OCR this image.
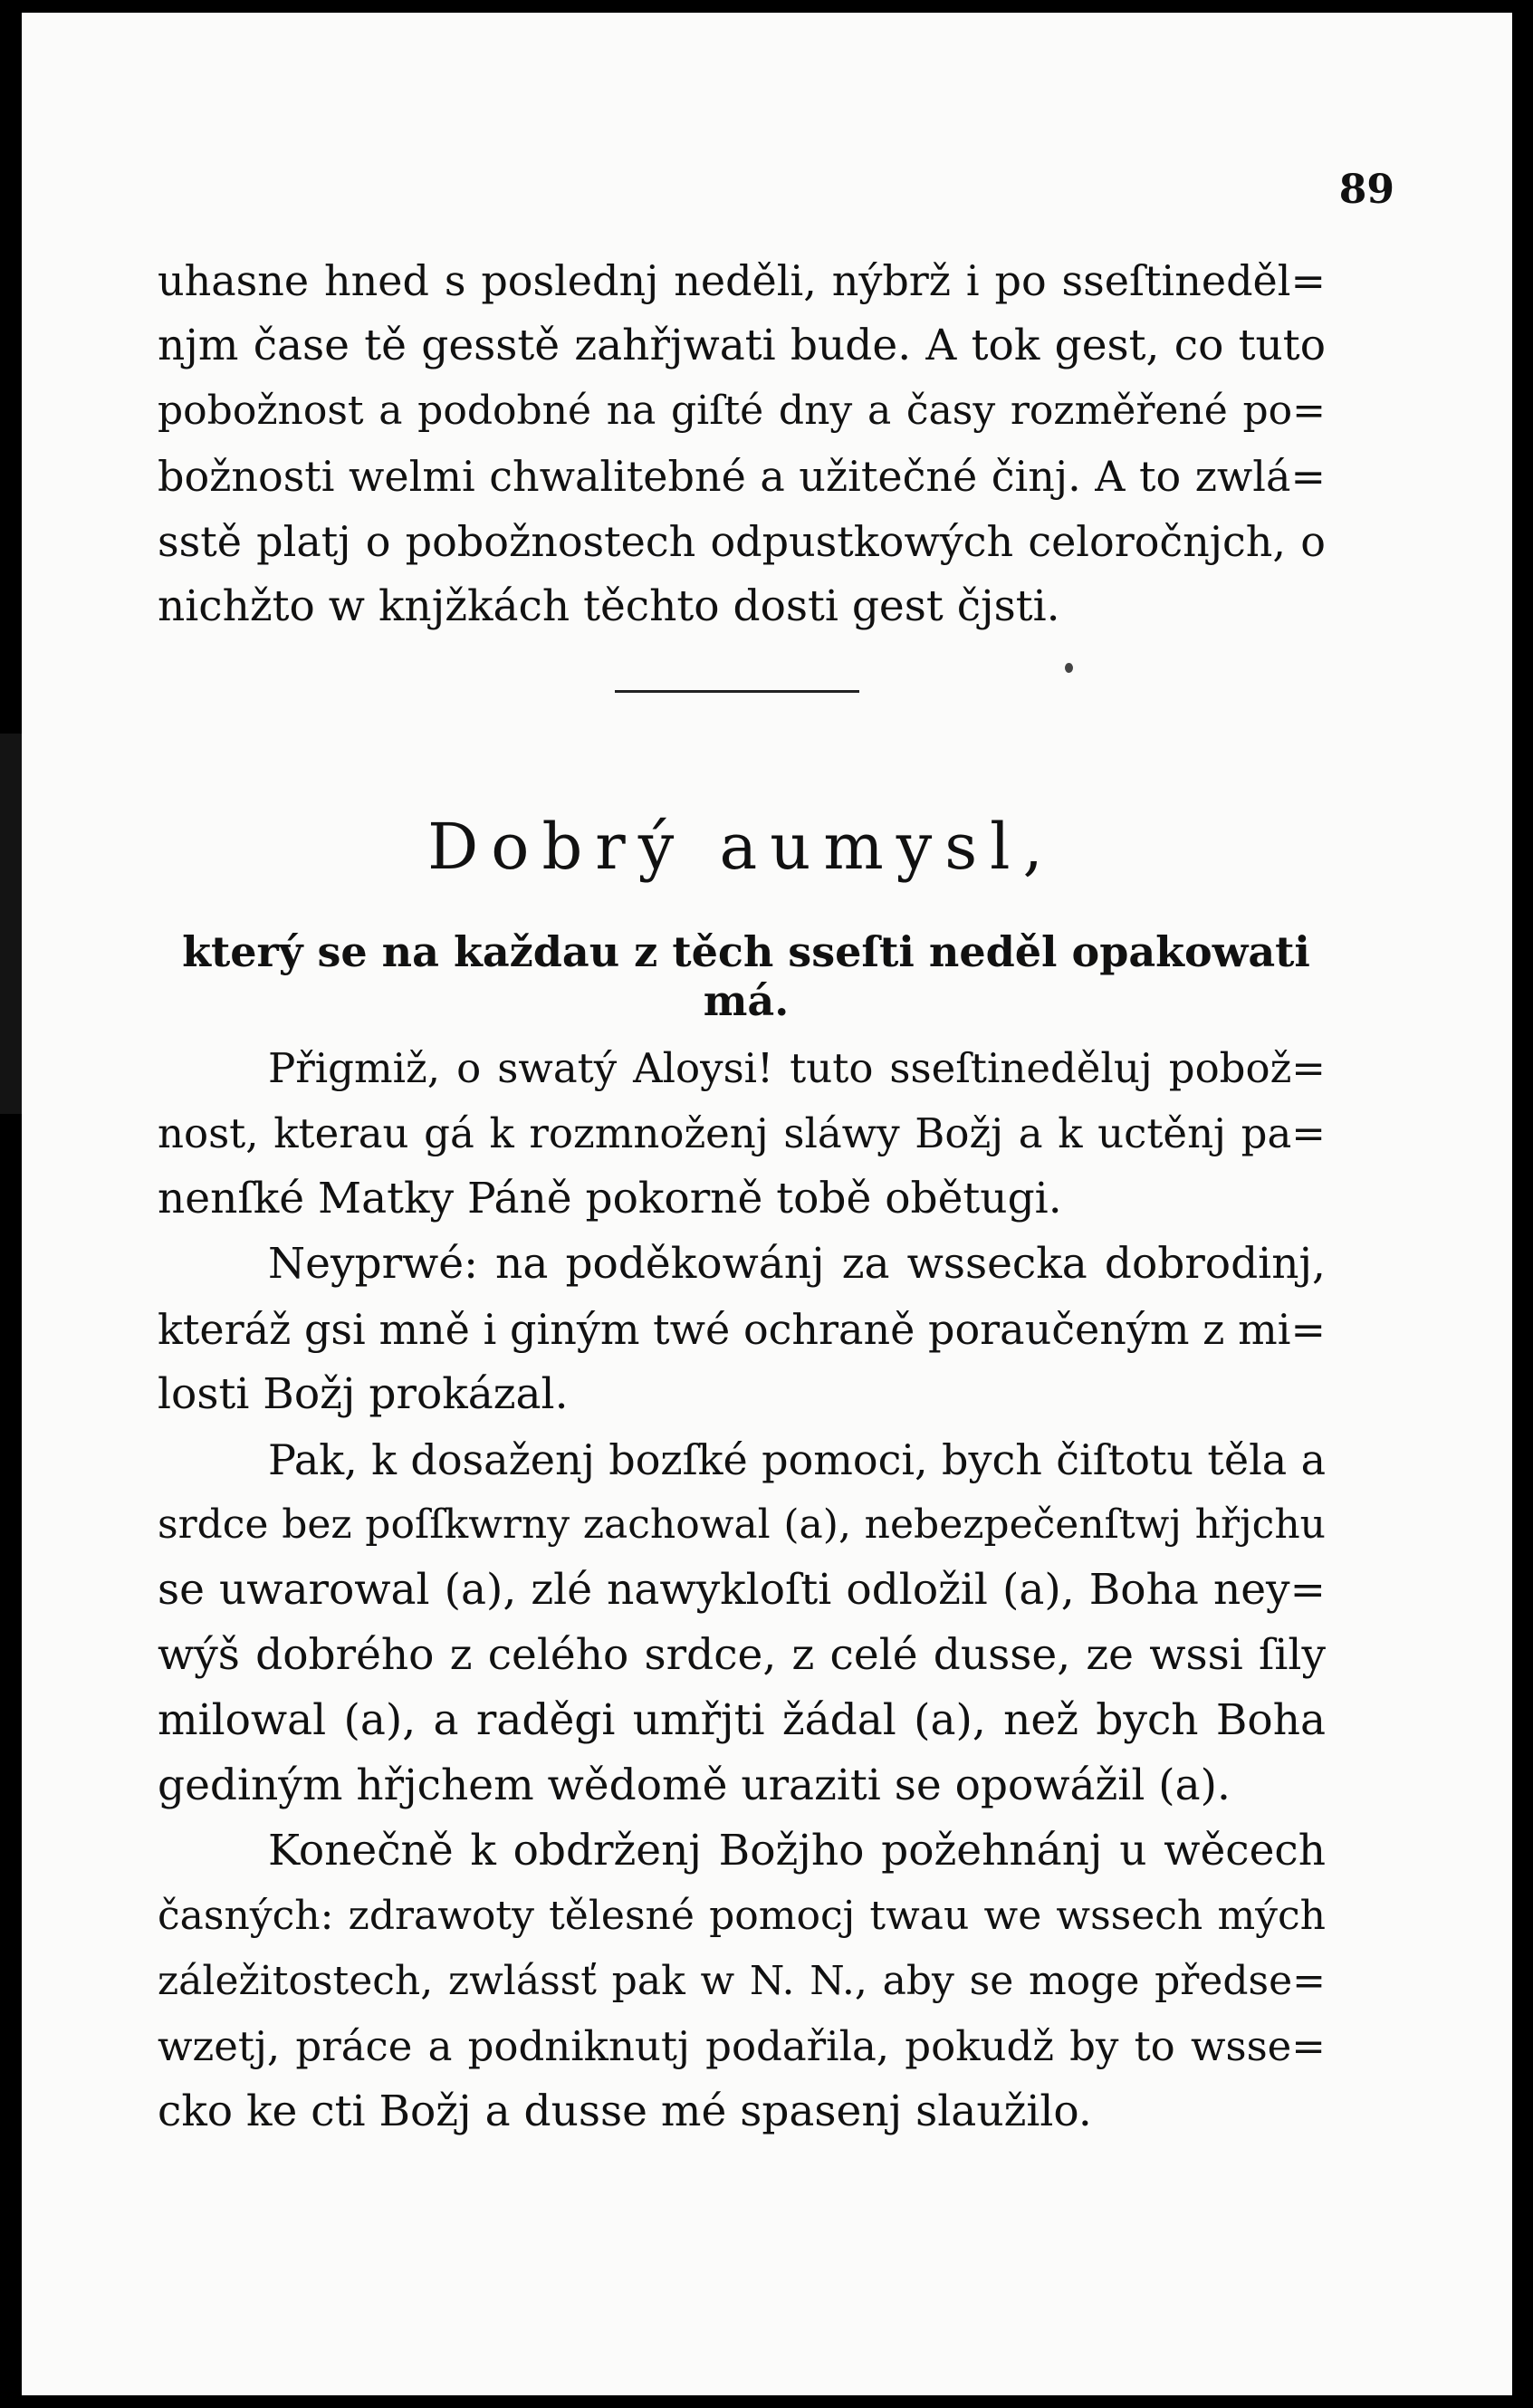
89
uhasne hned s poslednj neděli, nýbrž i po sseſtineděl=
njm čase tě gesstě zahřjwati bude. A tok gest, co tuto
pobožnost a podobné na giſté dny a časy rozměřené po=
božnosti welmi chwalitebné a užitečné činj. A to zwlá=
sstě platj o pobožnostech odpustkowých celoročnjch, o
nichžto w knjžkách těchto dosti gest čjsti.
Dobrý aumysl,
který se na každau z těch sseſti neděl opakowati má.
Přigmiž, o swatý Aloysi! tuto sseſtineděluj pobož=
nost, kterau gá k rozmnoženj sláwy Božj a k uctěnj pa=
nenſké Matky Páně pokorně tobě obětugi.
Neyprwé: na poděkowánj za wssecka dobrodinj,
kteráž gsi mně i giným twé ochraně poraučeným z mi=
losti Božj prokázal.
Pak, k dosaženj bozſké pomoci, bych čiſtotu těla a
srdce bez poſſkwrny zachowal (a), nebezpečenſtwj hřjchu
se uwarowal (a), zlé nawykloſti odložil (a), Boha ney=
wýš dobrého z celého srdce, z celé dusse, ze wssi ſily
milowal (a), a raděgi umřjti žádal (a), než bych Boha
gediným hřjchem wědomě uraziti se opowážil (a).
Konečně k obdrženj Božjho požehnánj u wěcech
časných: zdrawoty tělesné pomocj twau we wssech mých
záležitostech, zwlássť pak w N. N., aby se moge předse=
wzetj, práce a podniknutj podařila, pokudž by to wsse=
cko ke cti Božj a dusse mé spasenj slaužilo.
